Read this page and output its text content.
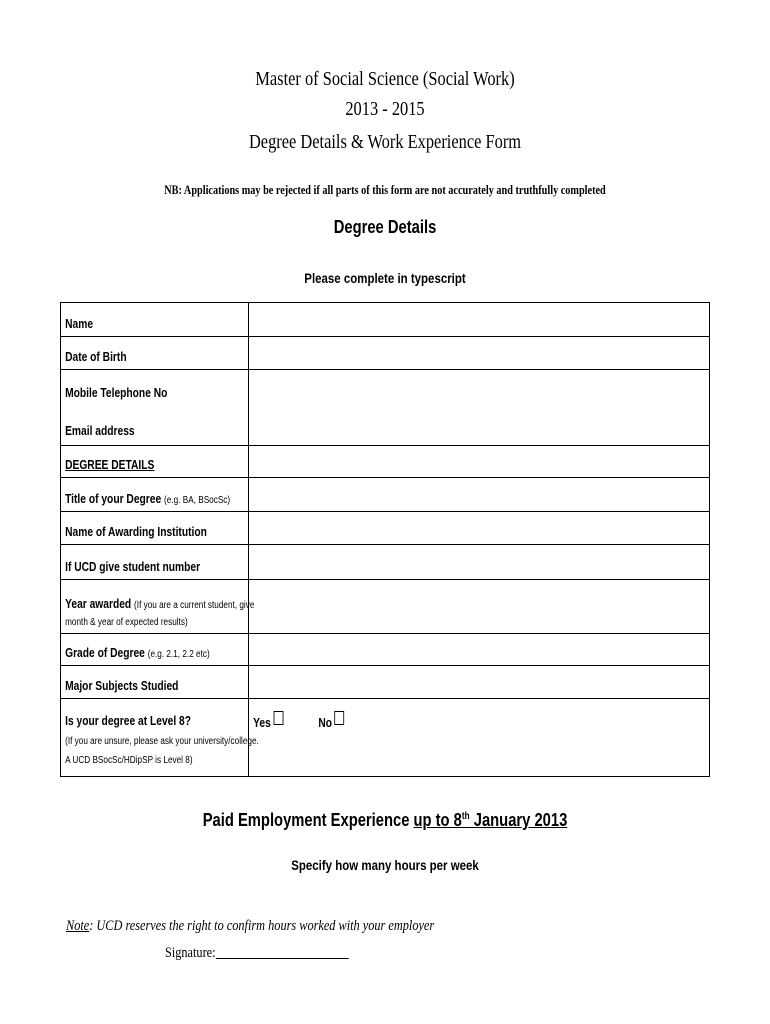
Master of Social Science (Social Work)
2013 - 2015
Degree Details & Work Experience Form
NB: Applications may be rejected if all parts of this form are not accurately and truthfully completed
Degree Details
Please complete in typescript
Name	

Date of Birth	

Mobile Telephone No
Email address	

DEGREE DETAILS	

Title of your Degree (e.g. BA, BSocSc)	

Name of Awarding Institution	

If UCD give student number	

Year awarded (If you are a current student, give
month & year of expected results)	

Grade of Degree (e.g. 2.1, 2.2 etc)	

Major Subjects Studied	

Is your degree at Level 8?
(If you are unsure, please ask your university/college.
A UCD BSocSc/HDipSP is Level 8)	Yes No
Paid Employment Experience up to 8th January 2013
Specify how many hours per week
Note: UCD reserves the right to confirm hours worked with your employer
Signature:
